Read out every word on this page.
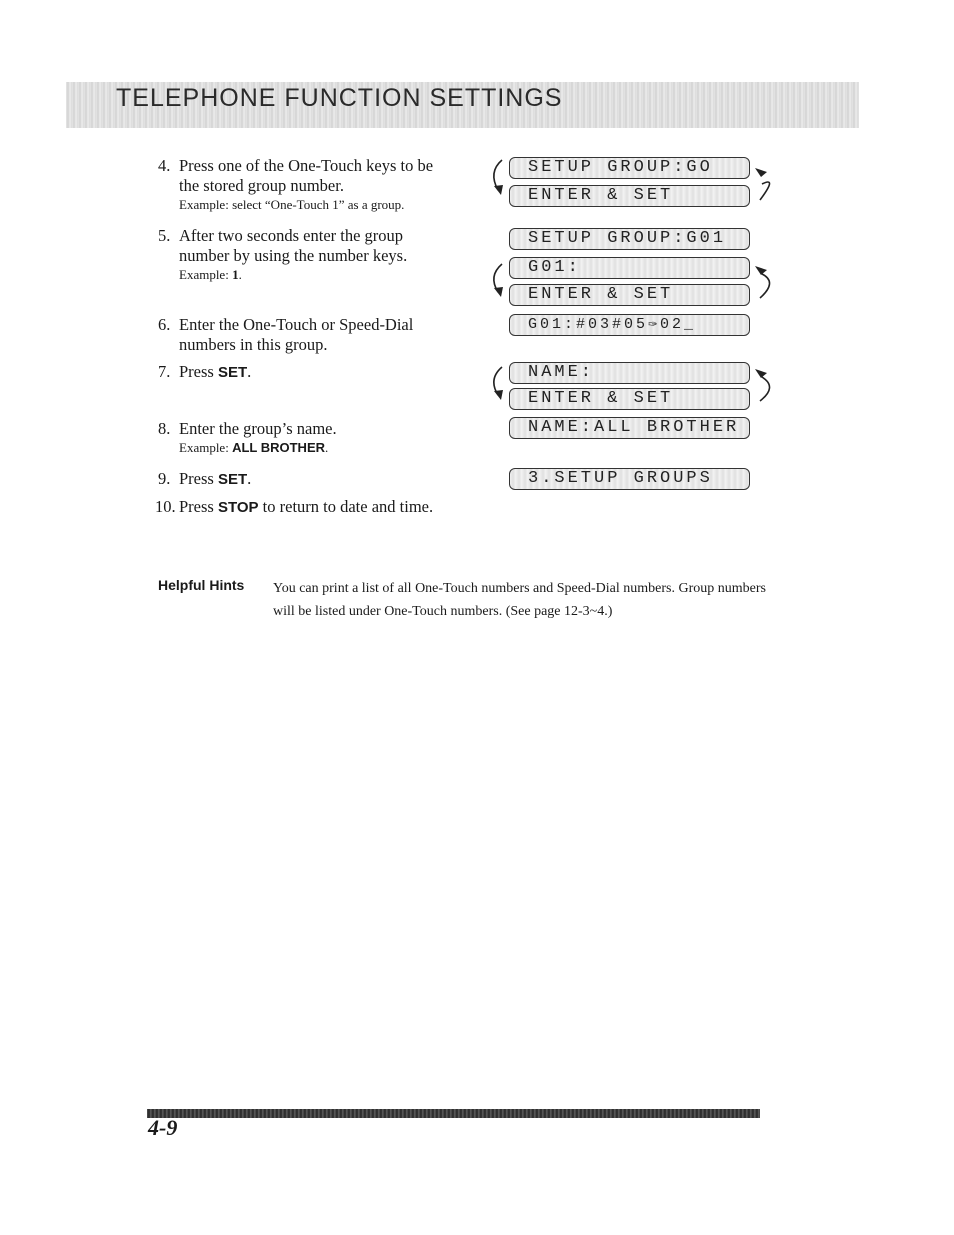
TELEPHONE FUNCTION SETTINGS
4. Press one of the One-Touch keys to be the stored group number.
Example: select “One-Touch 1” as a group.
5. After two seconds enter the group number by using the number keys.
Example: 1.
6. Enter the One-Touch or Speed-Dial numbers in this group.
7. Press SET.
8. Enter the group’s name.
Example: ALL BROTHER.
9. Press SET.
10. Press STOP to return to date and time.
SETUP GROUP:GO
ENTER & SET
SETUP GROUP:G01
G01:
ENTER & SET
G01:#03#05✑02_
NAME:
ENTER & SET
NAME:ALL BROTHER
3.SETUP GROUPS
Helpful Hints You can print a list of all One-Touch numbers and Speed-Dial numbers. Group numbers will be listed under One-Touch numbers. (See page 12-3~4.)
4-9
